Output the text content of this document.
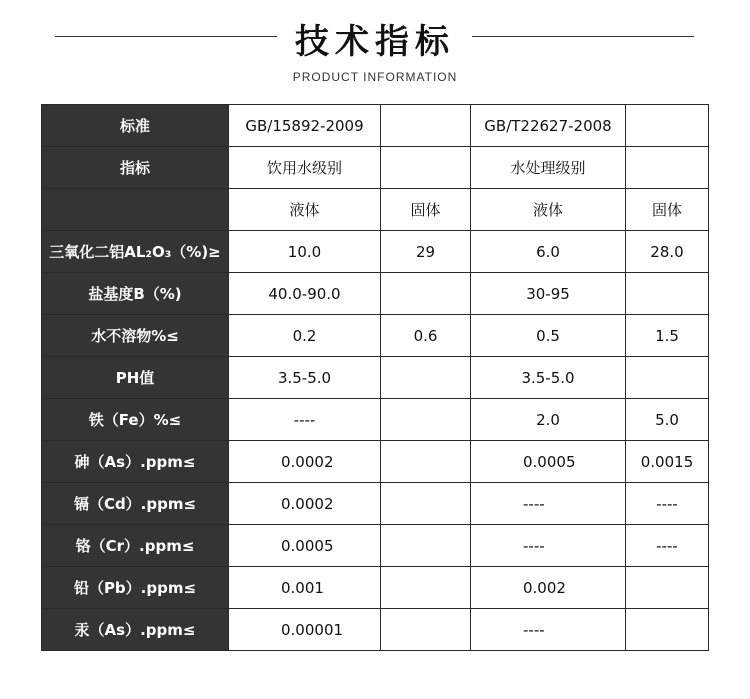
技术指标
PRODUCT INFORMATION
标准	GB/15892-2009		GB/T22627-2008	
指标	饮用水级别		水处理级别	
	液体	固体	液体	固体
三氧化二铝AL₂O₃（%)≥	10.0	29	6.0	28.0
盐基度B（%)	40.0-90.0		30-95	
水不溶物%≤	0.2	0.6	0.5	1.5
PH值	3.5-5.0		3.5-5.0	
铁（Fe）%≤	----		2.0	5.0
砷（As）.ppm≤	0.0002		0.0005	0.0015
镉（Cd）.ppm≤	0.0002		----	----
铬（Cr）.ppm≤	0.0005		----	----
铅（Pb）.ppm≤	0.001		0.002	
汞（As）.ppm≤	0.00001		----	
